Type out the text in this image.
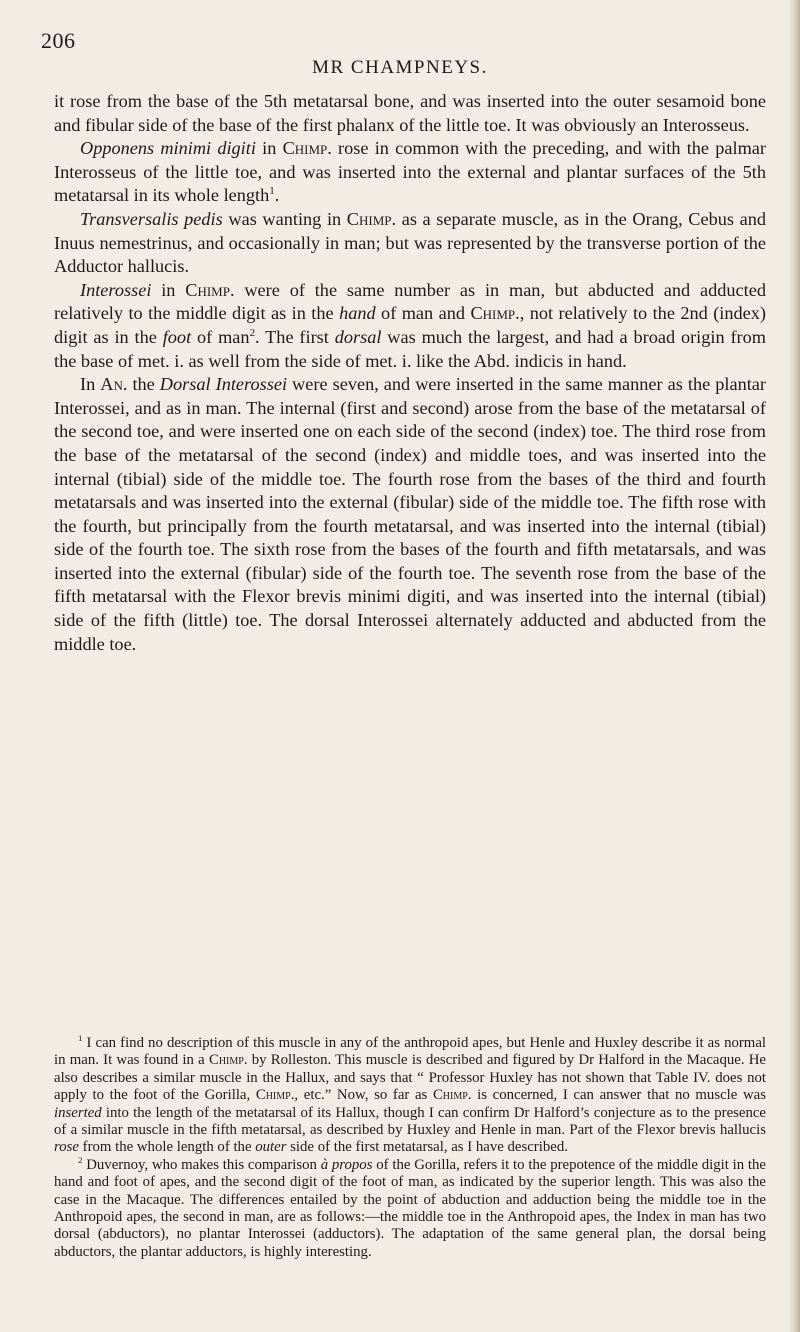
206
MR CHAMPNEYS.

it rose from the base of the 5th metatarsal bone, and was inserted into the outer sesamoid bone and fibular side of the base of the first phalanx of the little toe. It was obviously an Interosseus.

Opponens minimi digiti in Chimp. rose in common with the preceding, and with the palmar Interosseus of the little toe, and was inserted into the external and plantar surfaces of the 5th metatarsal in its whole length$^1$.

Transversalis pedis was wanting in Chimp. as a separate muscle, as in the Orang, Cebus and Inuus nemestrinus, and occasionally in man; but was represented by the transverse portion of the Adductor hallucis.

Interossei in Chimp. were of the same number as in man, but abducted and adducted relatively to the middle digit as in the hand of man and Chimp., not relatively to the 2nd (index) digit as in the foot of man$^2$. The first dorsal was much the largest, and had a broad origin from the base of met. i. as well from the side of met. i. like the Abd. indicis in hand.

In An. the Dorsal Interossei were seven, and were inserted in the same manner as the plantar Interossei, and as in man. The internal (first and second) arose from the base of the metatarsal of the second toe, and were inserted one on each side of the second (index) toe. The third rose from the base of the metatarsal of the second (index) and middle toes, and was inserted into the internal (tibial) side of the middle toe. The fourth rose from the bases of the third and fourth metatarsals and was inserted into the external (fibular) side of the middle toe. The fifth rose with the fourth, but principally from the fourth metatarsal, and was inserted into the internal (tibial) side of the fourth toe. The sixth rose from the bases of the fourth and fifth metatarsals, and was inserted into the external (fibular) side of the fourth toe. The seventh rose from the base of the fifth metatarsal with the Flexor brevis minimi digiti, and was inserted into the internal (tibial) side of the fifth (little) toe. The dorsal Interossei alternately adducted and abducted from the middle toe.

$^1$ I can find no description of this muscle in any of the anthropoid apes, but Henle and Huxley describe it as normal in man. It was found in a Chimp. by Rolleston. This muscle is described and figured by Dr Halford in the Macaque. He also describes a similar muscle in the Hallux, and says that “ Professor Huxley has not shown that Table IV. does not apply to the foot of the Gorilla, Chimp., etc.” Now, so far as Chimp. is concerned, I can answer that no muscle was inserted into the length of the metatarsal of its Hallux, though I can confirm Dr Halford’s conjecture as to the presence of a similar muscle in the fifth metatarsal, as described by Huxley and Henle in man. Part of the Flexor brevis hallucis rose from the whole length of the outer side of the first metatarsal, as I have described.

$^2$ Duvernoy, who makes this comparison à propos of the Gorilla, refers it to the prepotence of the middle digit in the hand and foot of apes, and the second digit of the foot of man, as indicated by the superior length. This was also the case in the Macaque. The differences entailed by the point of abduction and adduction being the middle toe in the Anthropoid apes, the second in man, are as follows:—the middle toe in the Anthropoid apes, the Index in man has two dorsal (abductors), no plantar Interossei (adductors). The adaptation of the same general plan, the dorsal being abductors, the plantar adductors, is highly interesting.
